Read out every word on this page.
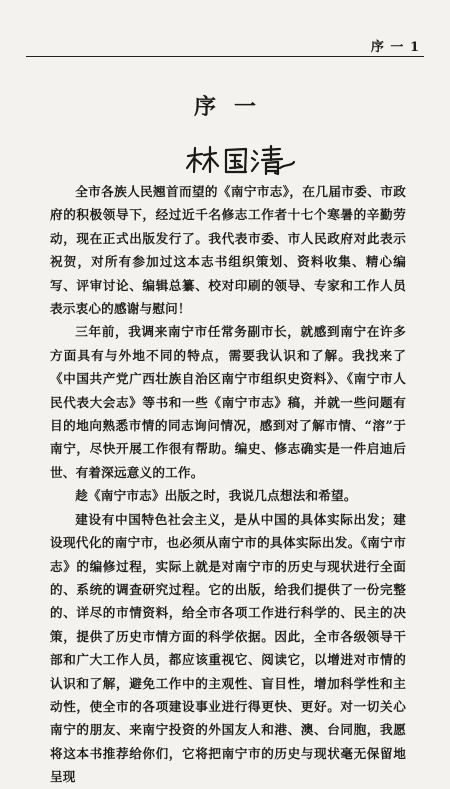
序 一 1
序一

全市各族人民翘首而望的《南宁市志》，在几届市委、市政府的积极领导下，经过近千名修志工作者十七个寒暑的辛勤劳动，现在正式出版发行了。我代表市委、市人民政府对此表示祝贺，对所有参加过这本志书组织策划、资料收集、精心编写、评审讨论、编辑总纂、校对印刷的领导、专家和工作人员表示衷心的感谢与慰问！

三年前，我调来南宁市任常务副市长，就感到南宁在许多方面具有与外地不同的特点，需要我认识和了解。我找来了《中国共产党广西壮族自治区南宁市组织史资料》、《南宁市人民代表大会志》等书和一些《南宁市志》稿，并就一些问题有目的地向熟悉市情的同志询问情况，感到对了解市情、“溶”于南宁，尽快开展工作很有帮助。编史、修志确实是一件启迪后世、有着深远意义的工作。

趁《南宁市志》出版之时，我说几点想法和希望。

建设有中国特色社会主义，是从中国的具体实际出发；建设现代化的南宁市，也必须从南宁市的具体实际出发。《南宁市志》的编修过程，实际上就是对南宁市的历史与现状进行全面的、系统的调查研究过程。它的出版，给我们提供了一份完整的、详尽的市情资料，给全市各项工作进行科学的、民主的决策，提供了历史市情方面的科学依据。因此，全市各级领导干部和广大工作人员，都应该重视它、阅读它，以增进对市情的认识和了解，避免工作中的主观性、盲目性，增加科学性和主动性，使全市的各项建设事业进行得更快、更好。对一切关心南宁的朋友、来南宁投资的外国友人和港、澳、台同胞，我愿将这本书推荐给你们，它将把南宁市的历史与现状毫无保留地呈现
